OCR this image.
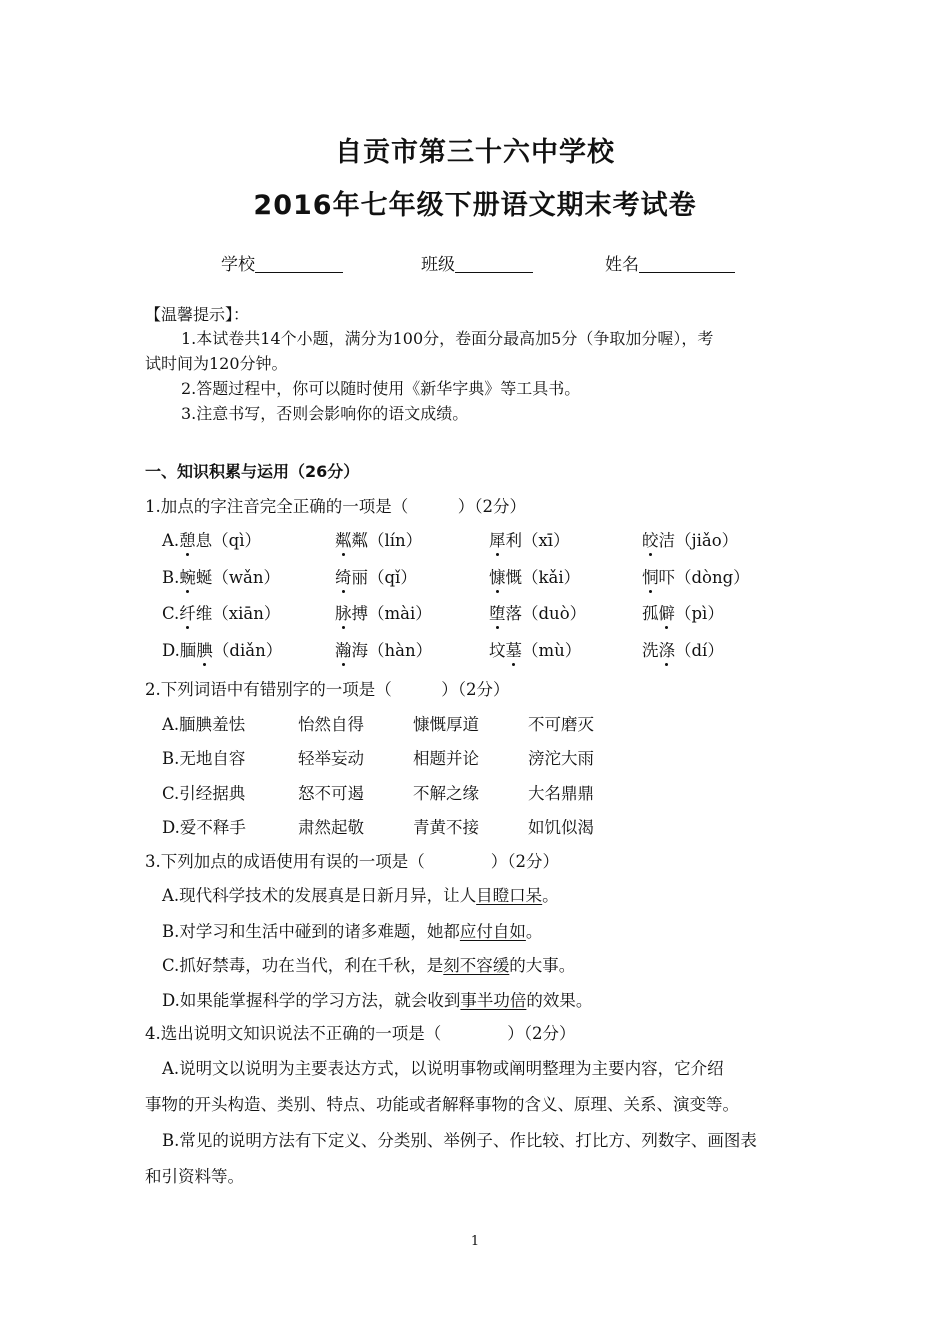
自贡市第三十六中学校
2016年七年级下册语文期末考试卷
学校	班级	姓名
【温馨提示】：
1.本试卷共14个小题，满分为100分，卷面分最高加5分（争取加分喔），考
试时间为120分钟。
2.答题过程中，你可以随时使用《新华字典》等工具书。
3.注意书写，否则会影响你的语文成绩。
一、知识积累与运用（26分）
1.加点的字注音完全正确的一项是（　　　）（2分）
A.憩息（qì）	粼粼（lín）	犀利（xī）	皎洁（jiǎo）
B.蜿蜒（wǎn）	绮丽（qǐ）	慷慨（kǎi）	恫吓（dòng）
C.纤维（xiān）	脉搏（mài）	堕落（duò）	孤僻（pì）
D.腼腆（diǎn）	瀚海（hàn）	坟墓（mù）	洗涤（dí）
2.下列词语中有错别字的一项是（　　　）（2分）
A.腼腆羞怯	怡然自得	慷慨厚道	不可磨灭
B.无地自容	轻举妄动	相题并论	滂沱大雨
C.引经据典	怒不可遏	不解之缘	大名鼎鼎
D.爱不释手	肃然起敬	青黄不接	如饥似渴
3.下列加点的成语使用有误的一项是（　　　　）（2分）
A.现代科学技术的发展真是日新月异，让人目瞪口呆。
B.对学习和生活中碰到的诸多难题，她都应付自如。
C.抓好禁毒，功在当代，利在千秋，是刻不容缓的大事。
D.如果能掌握科学的学习方法，就会收到事半功倍的效果。
4.选出说明文知识说法不正确的一项是（　　　　）（2分）
A.说明文以说明为主要表达方式，以说明事物或阐明整理为主要内容，它介绍
事物的开头构造、类别、特点、功能或者解释事物的含义、原理、关系、演变等。
B.常见的说明方法有下定义、分类别、举例子、作比较、打比方、列数字、画图表
和引资料等。
1
